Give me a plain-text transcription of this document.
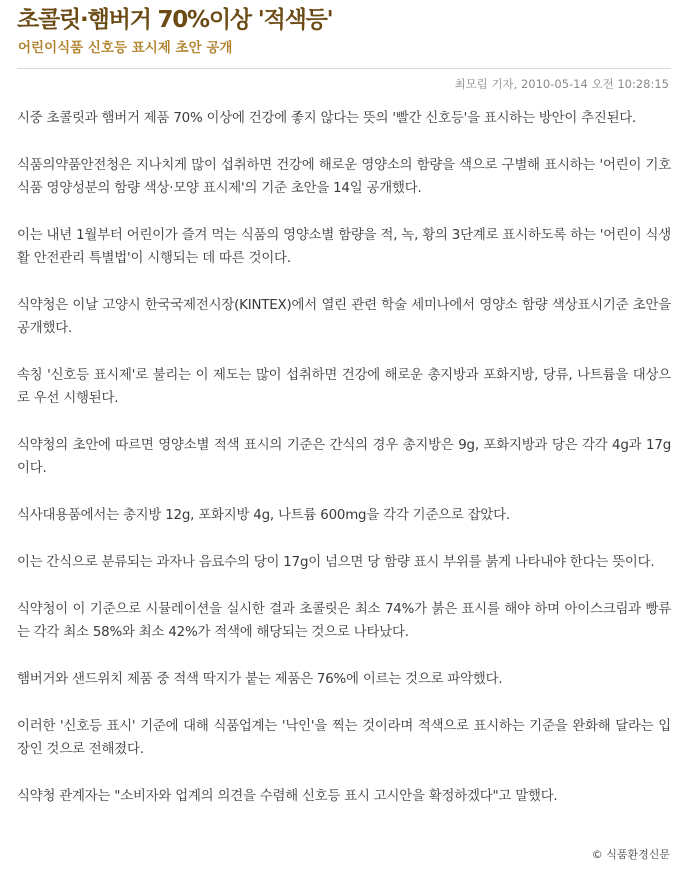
초콜릿·햄버거 70%이상 '적색등'
어린이식품 신호등 표시제 초안 공개
최모림 기자, 2010-05-14 오전 10:28:15

시중 초콜릿과 햄버거 제품 70% 이상에 건강에 좋지 않다는 뜻의 '빨간 신호등'을 표시하는 방안이 추진된다.

식품의약품안전청은 지나치게 많이 섭취하면 건강에 해로운 영양소의 함량을 색으로 구별해 표시하는 '어린이 기호식품 영양성분의 함량 색상·모양 표시제'의 기준 초안을 14일 공개했다.

이는 내년 1월부터 어린이가 즐겨 먹는 식품의 영양소별 함량을 적, 녹, 황의 3단계로 표시하도록 하는 '어린이 식생활 안전관리 특별법'이 시행되는 데 따른 것이다.

식약청은 이날 고양시 한국국제전시장(KINTEX)에서 열린 관련 학술 세미나에서 영양소 함량 색상표시기준 초안을 공개했다.

속칭 '신호등 표시제'로 불리는 이 제도는 많이 섭취하면 건강에 해로운 총지방과 포화지방, 당류, 나트륨을 대상으로 우선 시행된다.

식약청의 초안에 따르면 영양소별 적색 표시의 기준은 간식의 경우 총지방은 9g, 포화지방과 당은 각각 4g과 17g이다.

식사대용품에서는 총지방 12g, 포화지방 4g, 나트륨 600mg을 각각 기준으로 잡았다.

이는 간식으로 분류되는 과자나 음료수의 당이 17g이 넘으면 당 함량 표시 부위를 붉게 나타내야 한다는 뜻이다.

식약청이 이 기준으로 시뮬레이션을 실시한 결과 초콜릿은 최소 74%가 붉은 표시를 해야 하며 아이스크림과 빵류는 각각 최소 58%와 최소 42%가 적색에 해당되는 것으로 나타났다.

햄버거와 샌드위치 제품 중 적색 딱지가 붙는 제품은 76%에 이르는 것으로 파악했다.

이러한 '신호등 표시' 기준에 대해 식품업계는 '낙인'을 찍는 것이라며 적색으로 표시하는 기준을 완화해 달라는 입장인 것으로 전해졌다.

식약청 관계자는 "소비자와 업계의 의견을 수렴해 신호등 표시 고시안을 확정하겠다"고 말했다.

© 식품환경신문
